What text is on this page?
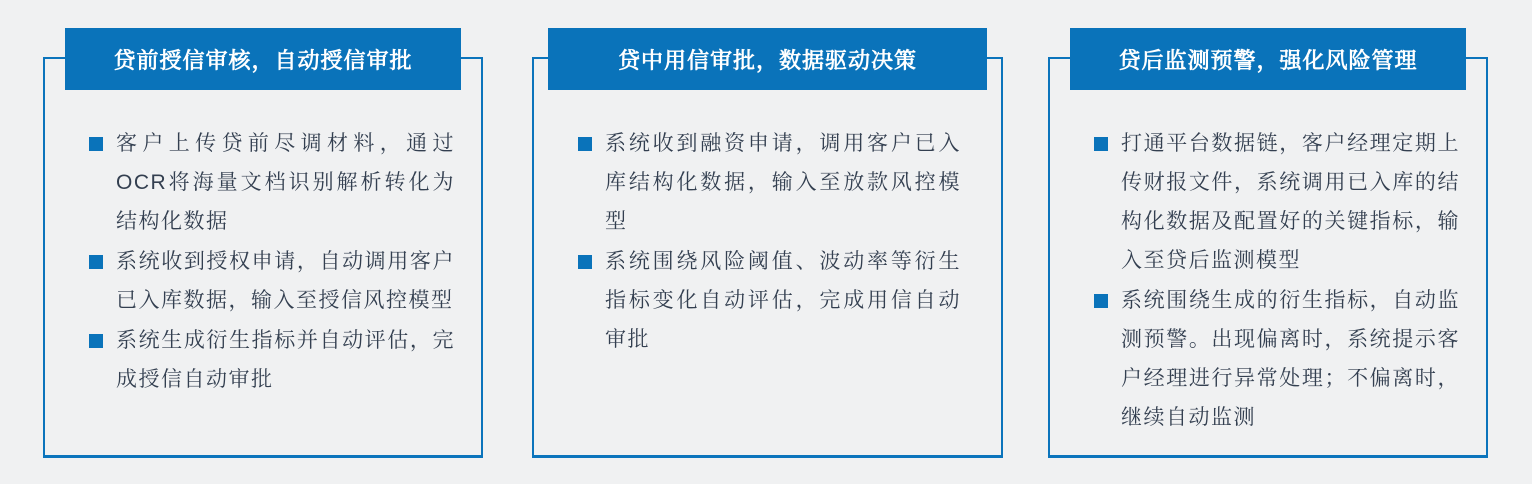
贷前授信审核，自动授信审批
客户上传贷前尽调材料，通过OCR将海量文档识别解析转化为结构化数据
系统收到授权申请，自动调用客户已入库数据，输入至授信风控模型
系统生成衍生指标并自动评估，完成授信自动审批
贷中用信审批，数据驱动决策
系统收到融资申请，调用客户已入库结构化数据，输入至放款风控模型
系统围绕风险阈值、波动率等衍生指标变化自动评估，完成用信自动审批
贷后监测预警，强化风险管理
打通平台数据链，客户经理定期上传财报文件，系统调用已入库的结构化数据及配置好的关键指标，输入至贷后监测模型
系统围绕生成的衍生指标，自动监测预警。出现偏离时，系统提示客户经理进行异常处理；不偏离时，继续自动监测
